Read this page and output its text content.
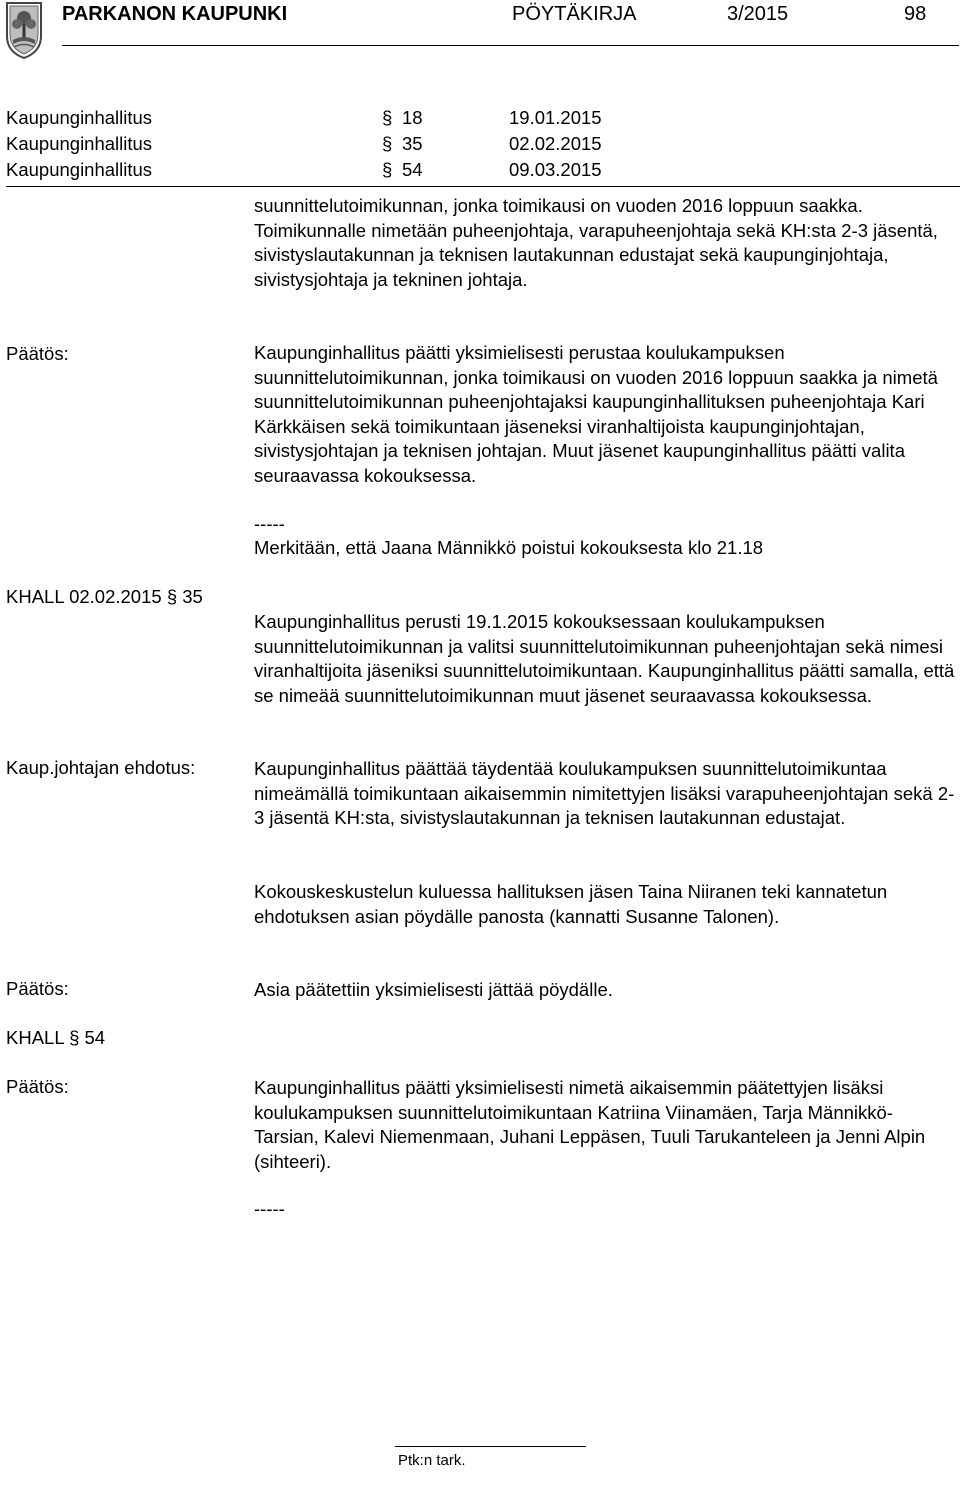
PARKANON KAUPUNKI	PÖYTÄKIRJA	3/2015	98
Kaupunginhallitus	§ 18	19.01.2015
Kaupunginhallitus	§ 35	02.02.2015
Kaupunginhallitus	§ 54	09.03.2015
suunnittelutoimikunnan, jonka toimikausi on vuoden 2016 loppuun saakka. Toimikunnalle nimetään puheenjohtaja, varapuheenjohtaja sekä KH:sta 2-3 jäsentä, sivistyslautakunnan ja teknisen lautakunnan edustajat sekä kaupunginjohtaja, sivistysjohtaja ja tekninen johtaja.
Päätös:	Kaupunginhallitus päätti yksimielisesti perustaa koulukampuksen suunnittelutoimikunnan, jonka toimikausi on vuoden 2016 loppuun saakka ja nimetä suunnittelutoimikunnan puheenjohtajaksi kaupunginhallituksen puheenjohtaja Kari Kärkkäisen sekä toimikuntaan jäseneksi viranhaltijoista kaupunginjohtajan, sivistysjohtajan ja teknisen johtajan. Muut jäsenet kaupunginhallitus päätti valita seuraavassa kokouksessa.
-----
Merkitään, että Jaana Männikkö poistui kokouksesta klo 21.18
KHALL 02.02.2015 § 35
Kaupunginhallitus perusti 19.1.2015 kokouksessaan koulukampuksen suunnittelutoimikunnan ja valitsi suunnittelutoimikunnan puheenjohtajan sekä nimesi viranhaltijoita jäseniksi suunnittelutoimikuntaan. Kaupunginhallitus päätti samalla, että se nimeää suunnittelutoimikunnan muut jäsenet seuraavassa kokouksessa.
Kaup.johtajan ehdotus:	Kaupunginhallitus päättää täydentää koulukampuksen suunnittelutoimikuntaa nimeämällä toimikuntaan aikaisemmin nimitettyjen lisäksi varapuheenjohtajan sekä 2-3 jäsentä KH:sta, sivistyslautakunnan ja teknisen lautakunnan edustajat.
Kokouskeskustelun kuluessa hallituksen jäsen Taina Niiranen teki kannatetun ehdotuksen asian pöydälle panosta (kannatti Susanne Talonen).
Päätös:	Asia päätettiin yksimielisesti jättää pöydälle.
KHALL § 54
Päätös:	Kaupunginhallitus päätti yksimielisesti nimetä aikaisemmin päätettyjen lisäksi koulukampuksen suunnittelutoimikuntaan Katriina Viinamäen, Tarja Männikkö-Tarsian, Kalevi Niemenmaan, Juhani Leppäsen, Tuuli Tarukanteleen ja Jenni Alpin (sihteeri).
-----
Ptk:n tark.
